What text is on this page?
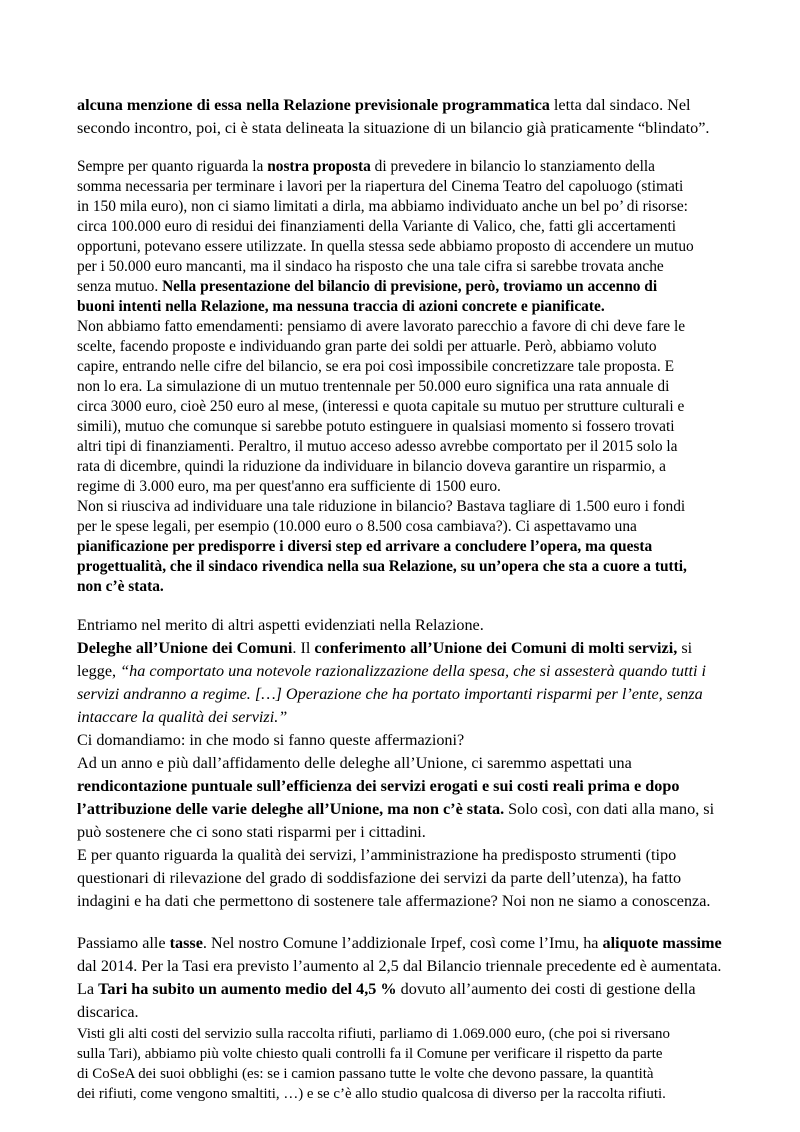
alcuna menzione di essa nella Relazione previsionale programmatica letta dal sindaco. Nel
secondo incontro, poi, ci è stata delineata la situazione di un bilancio già praticamente “blindato”.
Sempre per quanto riguarda la nostra proposta di prevedere in bilancio lo stanziamento della
somma necessaria per terminare i lavori per la riapertura del Cinema Teatro del capoluogo (stimati
in 150 mila euro), non ci siamo limitati a dirla, ma abbiamo individuato anche un bel po’ di risorse:
circa 100.000 euro di residui dei finanziamenti della Variante di Valico, che, fatti gli accertamenti
opportuni, potevano essere utilizzate. In quella stessa sede abbiamo proposto di accendere un mutuo
per i 50.000 euro mancanti, ma il sindaco ha risposto che una tale cifra si sarebbe trovata anche
senza mutuo. Nella presentazione del bilancio di previsione, però, troviamo un accenno di
buoni intenti nella Relazione, ma nessuna traccia di azioni concrete e pianificate.
Non abbiamo fatto emendamenti: pensiamo di avere lavorato parecchio a favore di chi deve fare le
scelte, facendo proposte e individuando gran parte dei soldi per attuarle. Però, abbiamo voluto
capire, entrando nelle cifre del bilancio, se era poi così impossibile concretizzare tale proposta. E
non lo era. La simulazione di un mutuo trentennale per 50.000 euro significa una rata annuale di
circa 3000 euro, cioè 250 euro al mese, (interessi e quota capitale su mutuo per strutture culturali e
simili), mutuo che comunque si sarebbe potuto estinguere in qualsiasi momento si fossero trovati
altri tipi di finanziamenti. Peraltro, il mutuo acceso adesso avrebbe comportato per il 2015 solo la
rata di dicembre, quindi la riduzione da individuare in bilancio doveva garantire un risparmio, a
regime di 3.000 euro, ma per quest'anno era sufficiente di 1500 euro.
Non si riusciva ad individuare una tale riduzione in bilancio? Bastava tagliare di 1.500 euro i fondi
per le spese legali, per esempio (10.000 euro o 8.500 cosa cambiava?). Ci aspettavamo una
pianificazione per predisporre i diversi step ed arrivare a concludere l’opera, ma questa
progettualità, che il sindaco rivendica nella sua Relazione, su un’opera che sta a cuore a tutti,
non c’è stata.
Entriamo nel merito di altri aspetti evidenziati nella Relazione.
Deleghe all’Unione dei Comuni. Il conferimento all’Unione dei Comuni di molti servizi, si
legge, “ha comportato una notevole razionalizzazione della spesa, che si assesterà quando tutti i
servizi andranno a regime. […] Operazione che ha portato importanti risparmi per l’ente, senza
intaccare la qualità dei servizi.”
Ci domandiamo: in che modo si fanno queste affermazioni?
Ad un anno e più dall’affidamento delle deleghe all’Unione, ci saremmo aspettati una
rendicontazione puntuale sull’efficienza dei servizi erogati e sui costi reali prima e dopo
l’attribuzione delle varie deleghe all’Unione, ma non c’è stata. Solo così, con dati alla mano, si
può sostenere che ci sono stati risparmi per i cittadini.
E per quanto riguarda la qualità dei servizi, l’amministrazione ha predisposto strumenti (tipo
questionari di rilevazione del grado di soddisfazione dei servizi da parte dell’utenza), ha fatto
indagini e ha dati che permettono di sostenere tale affermazione? Noi non ne siamo a conoscenza.
Passiamo alle tasse. Nel nostro Comune l’addizionale Irpef, così come l’Imu, ha aliquote massime
dal 2014. Per la Tasi era previsto l’aumento al 2,5 dal Bilancio triennale precedente ed è aumentata.
La Tari ha subito un aumento medio del 4,5 % dovuto all’aumento dei costi di gestione della
discarica.
Visti gli alti costi del servizio sulla raccolta rifiuti, parliamo di 1.069.000 euro, (che poi si riversano
sulla Tari), abbiamo più volte chiesto quali controlli fa il Comune per verificare il rispetto da parte
di CoSeA dei suoi obblighi (es: se i camion passano tutte le volte che devono passare, la quantità
dei rifiuti, come vengono smaltiti, …) e se c’è allo studio qualcosa di diverso per la raccolta rifiuti.
